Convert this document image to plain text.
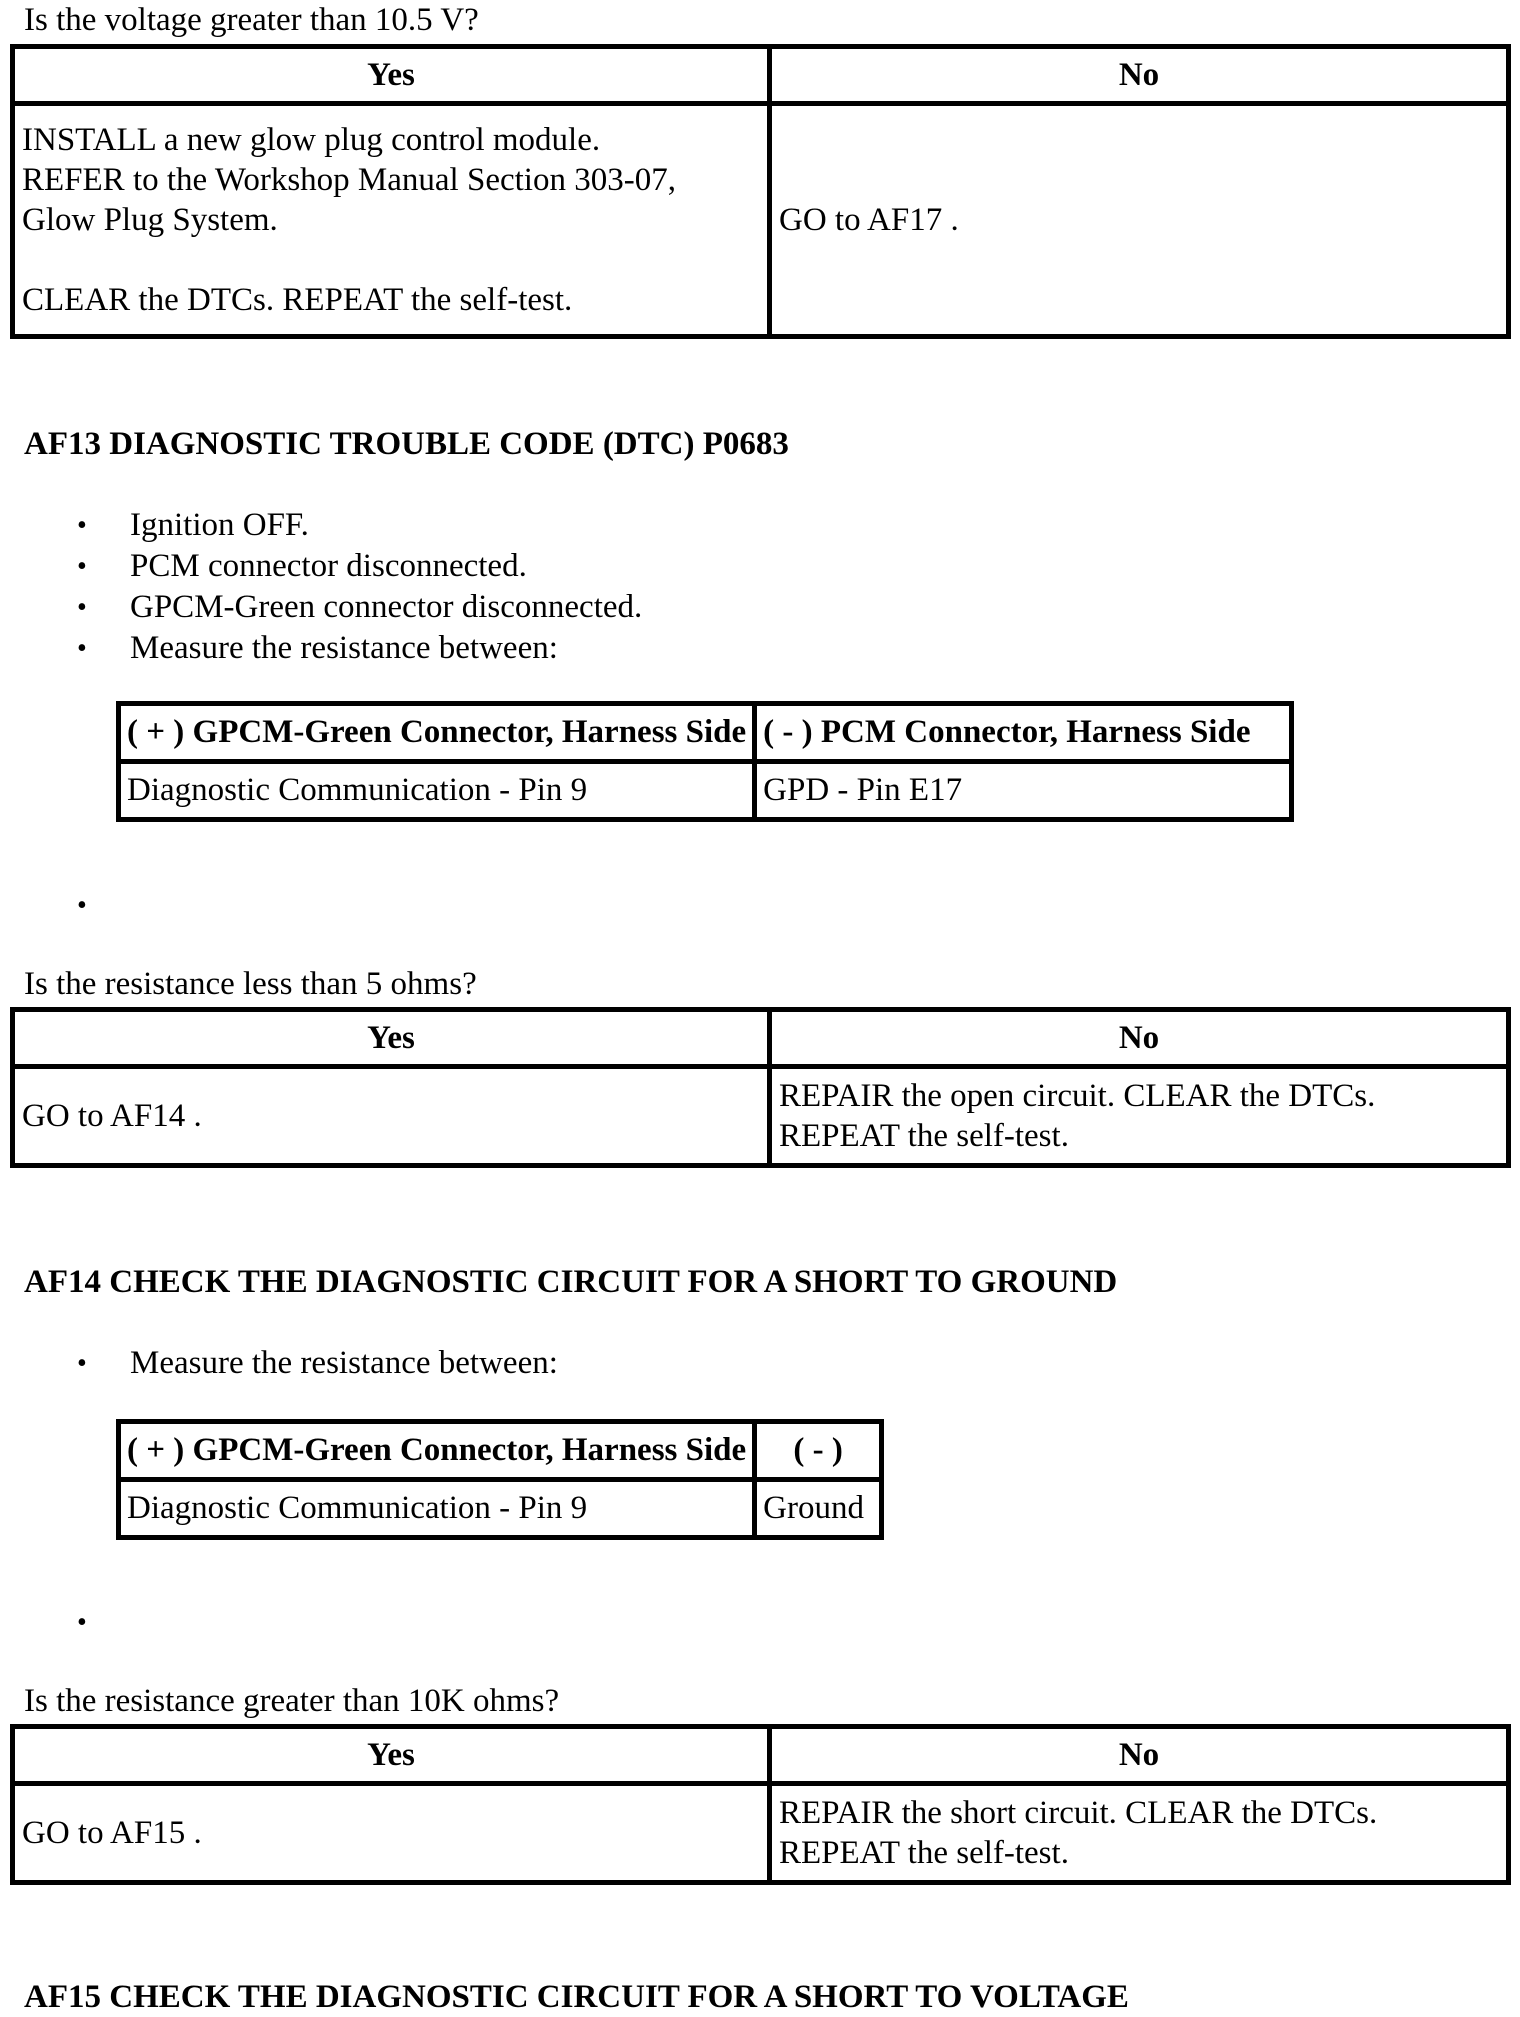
Is the voltage greater than 10.5 V?
Yes	No

INSTALL a new glow plug control module.
REFER to the Workshop Manual Section 303-07,
Glow Plug System.
CLEAR the DTCs. REPEAT the self-test.	GO to AF17 .
AF13 DIAGNOSTIC TROUBLE CODE (DTC) P0683
• Ignition OFF.
• PCM connector disconnected.
• GPCM-Green connector disconnected.
• Measure the resistance between:
( + ) GPCM-Green Connector, Harness Side	( - ) PCM Connector, Harness Side
Diagnostic Communication - Pin 9	GPD - Pin E17
•
Is the resistance less than 5 ohms?
Yes	No
GO to AF14 .	REPAIR the open circuit. CLEAR the DTCs.
REPEAT the self-test.
AF14 CHECK THE DIAGNOSTIC CIRCUIT FOR A SHORT TO GROUND
• Measure the resistance between:
( + ) GPCM-Green Connector, Harness Side	( - )
Diagnostic Communication - Pin 9	Ground
•
Is the resistance greater than 10K ohms?
Yes	No
GO to AF15 .	REPAIR the short circuit. CLEAR the DTCs.
REPEAT the self-test.
AF15 CHECK THE DIAGNOSTIC CIRCUIT FOR A SHORT TO VOLTAGE
